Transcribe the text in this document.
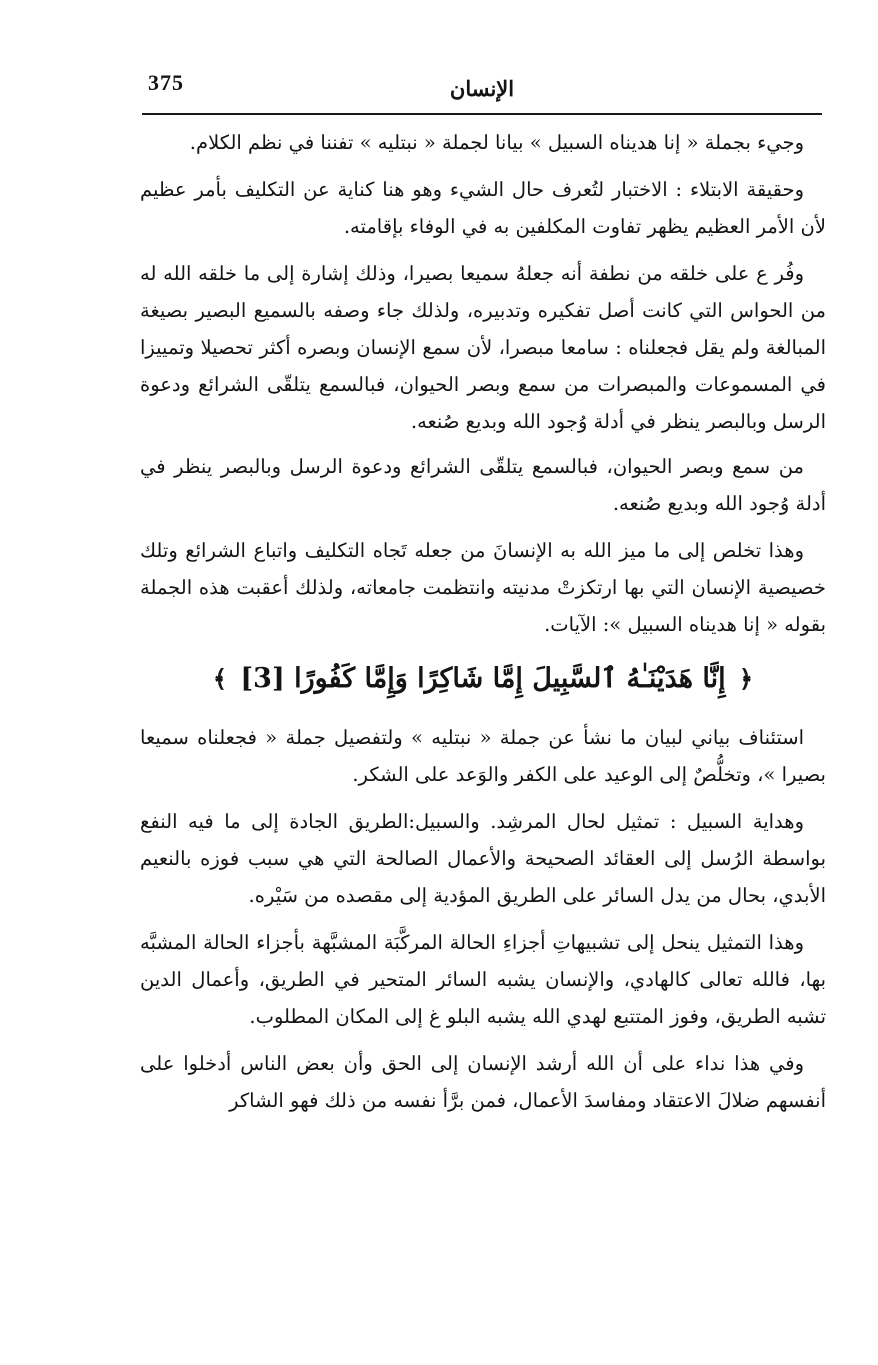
375	الإنسان

وجيء بجملة « إنا هديناه السبيل » بيانا لجملة « نبتليه » تفننا في نظم الكلام.

وحقيقة الابتلاء : الاختبار لتُعرف حال الشيء وهو هنا كناية عن التكليف بأمر عظيم لأن الأمر العظيم يظهر تفاوت المكلفين به في الوفاء بإقامته.

وفُر ع على خلقه من نطفة أنه جعلهُ سميعا بصيرا، وذلك إشارة إلى ما خلقه الله له من الحواس التي كانت أصل تفكيره وتدبيره، ولذلك جاء وصفه بالسميع البصير بصيغة المبالغة ولم يقل فجعلناه : سامعا مبصرا، لأن سمع الإنسان وبصره أكثر تحصيلا وتمييزا في المسموعات والمبصرات من سمع وبصر الحيوان، فبالسمع يتلقّى الشرائع ودعوة الرسل وبالبصر ينظر في أدلة وُجود الله وبديع صُنعه.

من سمع وبصر الحيوان، فبالسمع يتلقّى الشرائع ودعوة الرسل وبالبصر ينظر في أدلة وُجود الله وبديع صُنعه.

وهذا تخلص إلى ما ميز الله به الإنسانَ من جعله تَجاه التكليف واتباع الشرائع وتلك خصيصية الإنسان التي بها ارتكزتْ مدنيته وانتظمت جامعاته، ولذلك أعقبت هذه الجملة بقوله « إنا هديناه السبيل »: الآيات.

﴿ إِنَّا هَدَيْنَـٰهُ ٱلسَّبِيلَ إِمَّا شَاكِرًا وَإِمَّا كَفُورًا [3] ﴾

استئناف بياني لبيان ما نشأ عن جملة « نبتليه » ولتفصيل جملة « فجعلناه سميعا بصيرا »، وتخلُّصٌ إلى الوعيد على الكفر والوَعد على الشكر.

وهداية السبيل : تمثيل لحال المرشِد. والسبيل:الطريق الجادة إلى ما فيه النفع بواسطة الرُسل إلى العقائد الصحيحة والأعمال الصالحة التي هي سبب فوزه بالنعيم الأبدي، بحال من يدل السائر على الطريق المؤدية إلى مقصده من سَيْره.

وهذا التمثيل ينحل إلى تشبيهاتِ أجزاءِ الحالة المركَّبَة المشبَّهة بأجزاء الحالة المشبَّه بها، فالله تعالى كالهادي، والإنسان يشبه السائر المتحير في الطريق، وأعمال الدين تشبه الطريق، وفوز المتتبع لهدي الله يشبه البلو غ إلى المكان المطلوب.

وفي هذا نداء على أن الله أرشد الإنسان إلى الحق وأن بعض الناس أدخلوا على أنفسهم ضلالَ الاعتقاد ومفاسدَ الأعمال، فمن برَّأ نفسه من ذلك فهو الشاكر
